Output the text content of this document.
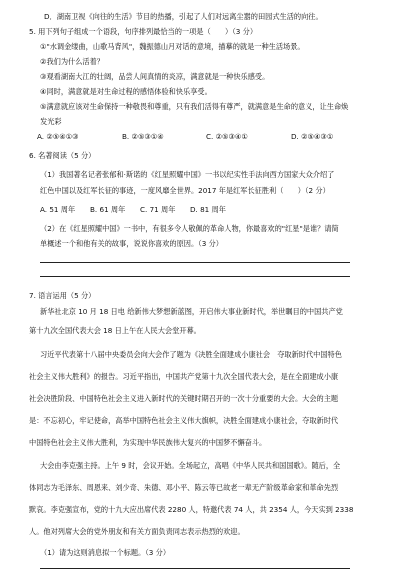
D．湖南卫视《向往的生活》节目的热播，引起了人们对远离尘嚣的田园式生活的向往。
5. 用下列句子组成一个语段，句序排列最恰当的一项是（　　）（3 分）
①"水调金缕曲，山歌马背风"，魏振德山月对话的意境，描摹的就是一种生活场景。
②我们为什么活着？
③观看湖南大江的壮阔，品尝人间真情的炎凉，满意就是一种快乐感受。
④同时，满意就是对生命过程的感悟体验和快乐享受。
⑤满意就应该对生命保持一种敬畏和尊重，只有我们活得有尊严，就满意是生命的意义，让生命焕
发光彩
A. ②⑤④①③	B. ②⑤③①④	C. ②⑤③④①	D. ②⑤④③①
6. 名著阅读（5 分）
（1）我国著名记者张郁和·斯诺的《红星照耀中国》一书以纪实性手法向西方国家大众介绍了
红色中国以及红军长征的事迹，一度风靡全世界。2017 年是红军长征胜利（　　）（2 分）
A. 51 周年 B. 61 周年 C. 71 周年 D. 81 周年
（2）在《红星照耀中国》一书中，有很多令人敬佩的革命人物，你最喜欢的"红星"是谁？请简
单概述一个和他有关的故事，说说你喜欢的原因。（3 分）
7. 语言运用（5 分）
新华社北京 10 月 18 日电 给新伟大梦想新蓝图，开启伟大事业新时代，举世瞩目的中国共产党
第十九次全国代表大会 18 日上午在人民大会堂开幕。
习近平代表第十八届中央委员会向大会作了题为《决胜全面建成小康社会　夺取新时代中国特色
社会主义伟大胜利》的报告。习近平指出，中国共产党第十九次全国代表大会，是在全面建成小康
社会决胜阶段、中国特色社会主义进入新时代的关键时期召开的一次十分重要的大会。大会的主题
是：不忘初心，牢记使命，高举中国特色社会主义伟大旗帜，决胜全面建成小康社会，夺取新时代
中国特色社会主义伟大胜利，为实现中华民族伟大复兴的中国梦不懈奋斗。
大会由李克强主持。上午 9 时，会议开始。全场起立，高唱《中华人民共和国国歌》。随后，全
体同志为毛泽东、周恩来、刘少奇、朱德、邓小平、陈云等已故老一辈无产阶级革命家和革命先烈
默哀。李克强宣布，党的十九大应出席代表 2280 人，特邀代表 74 人，共 2354 人，今天实到 2338
人。他对列席大会的党外朋友和有关方面负责同志表示热烈的欢迎。
（1）请为这则消息拟一个标题。（3 分）
